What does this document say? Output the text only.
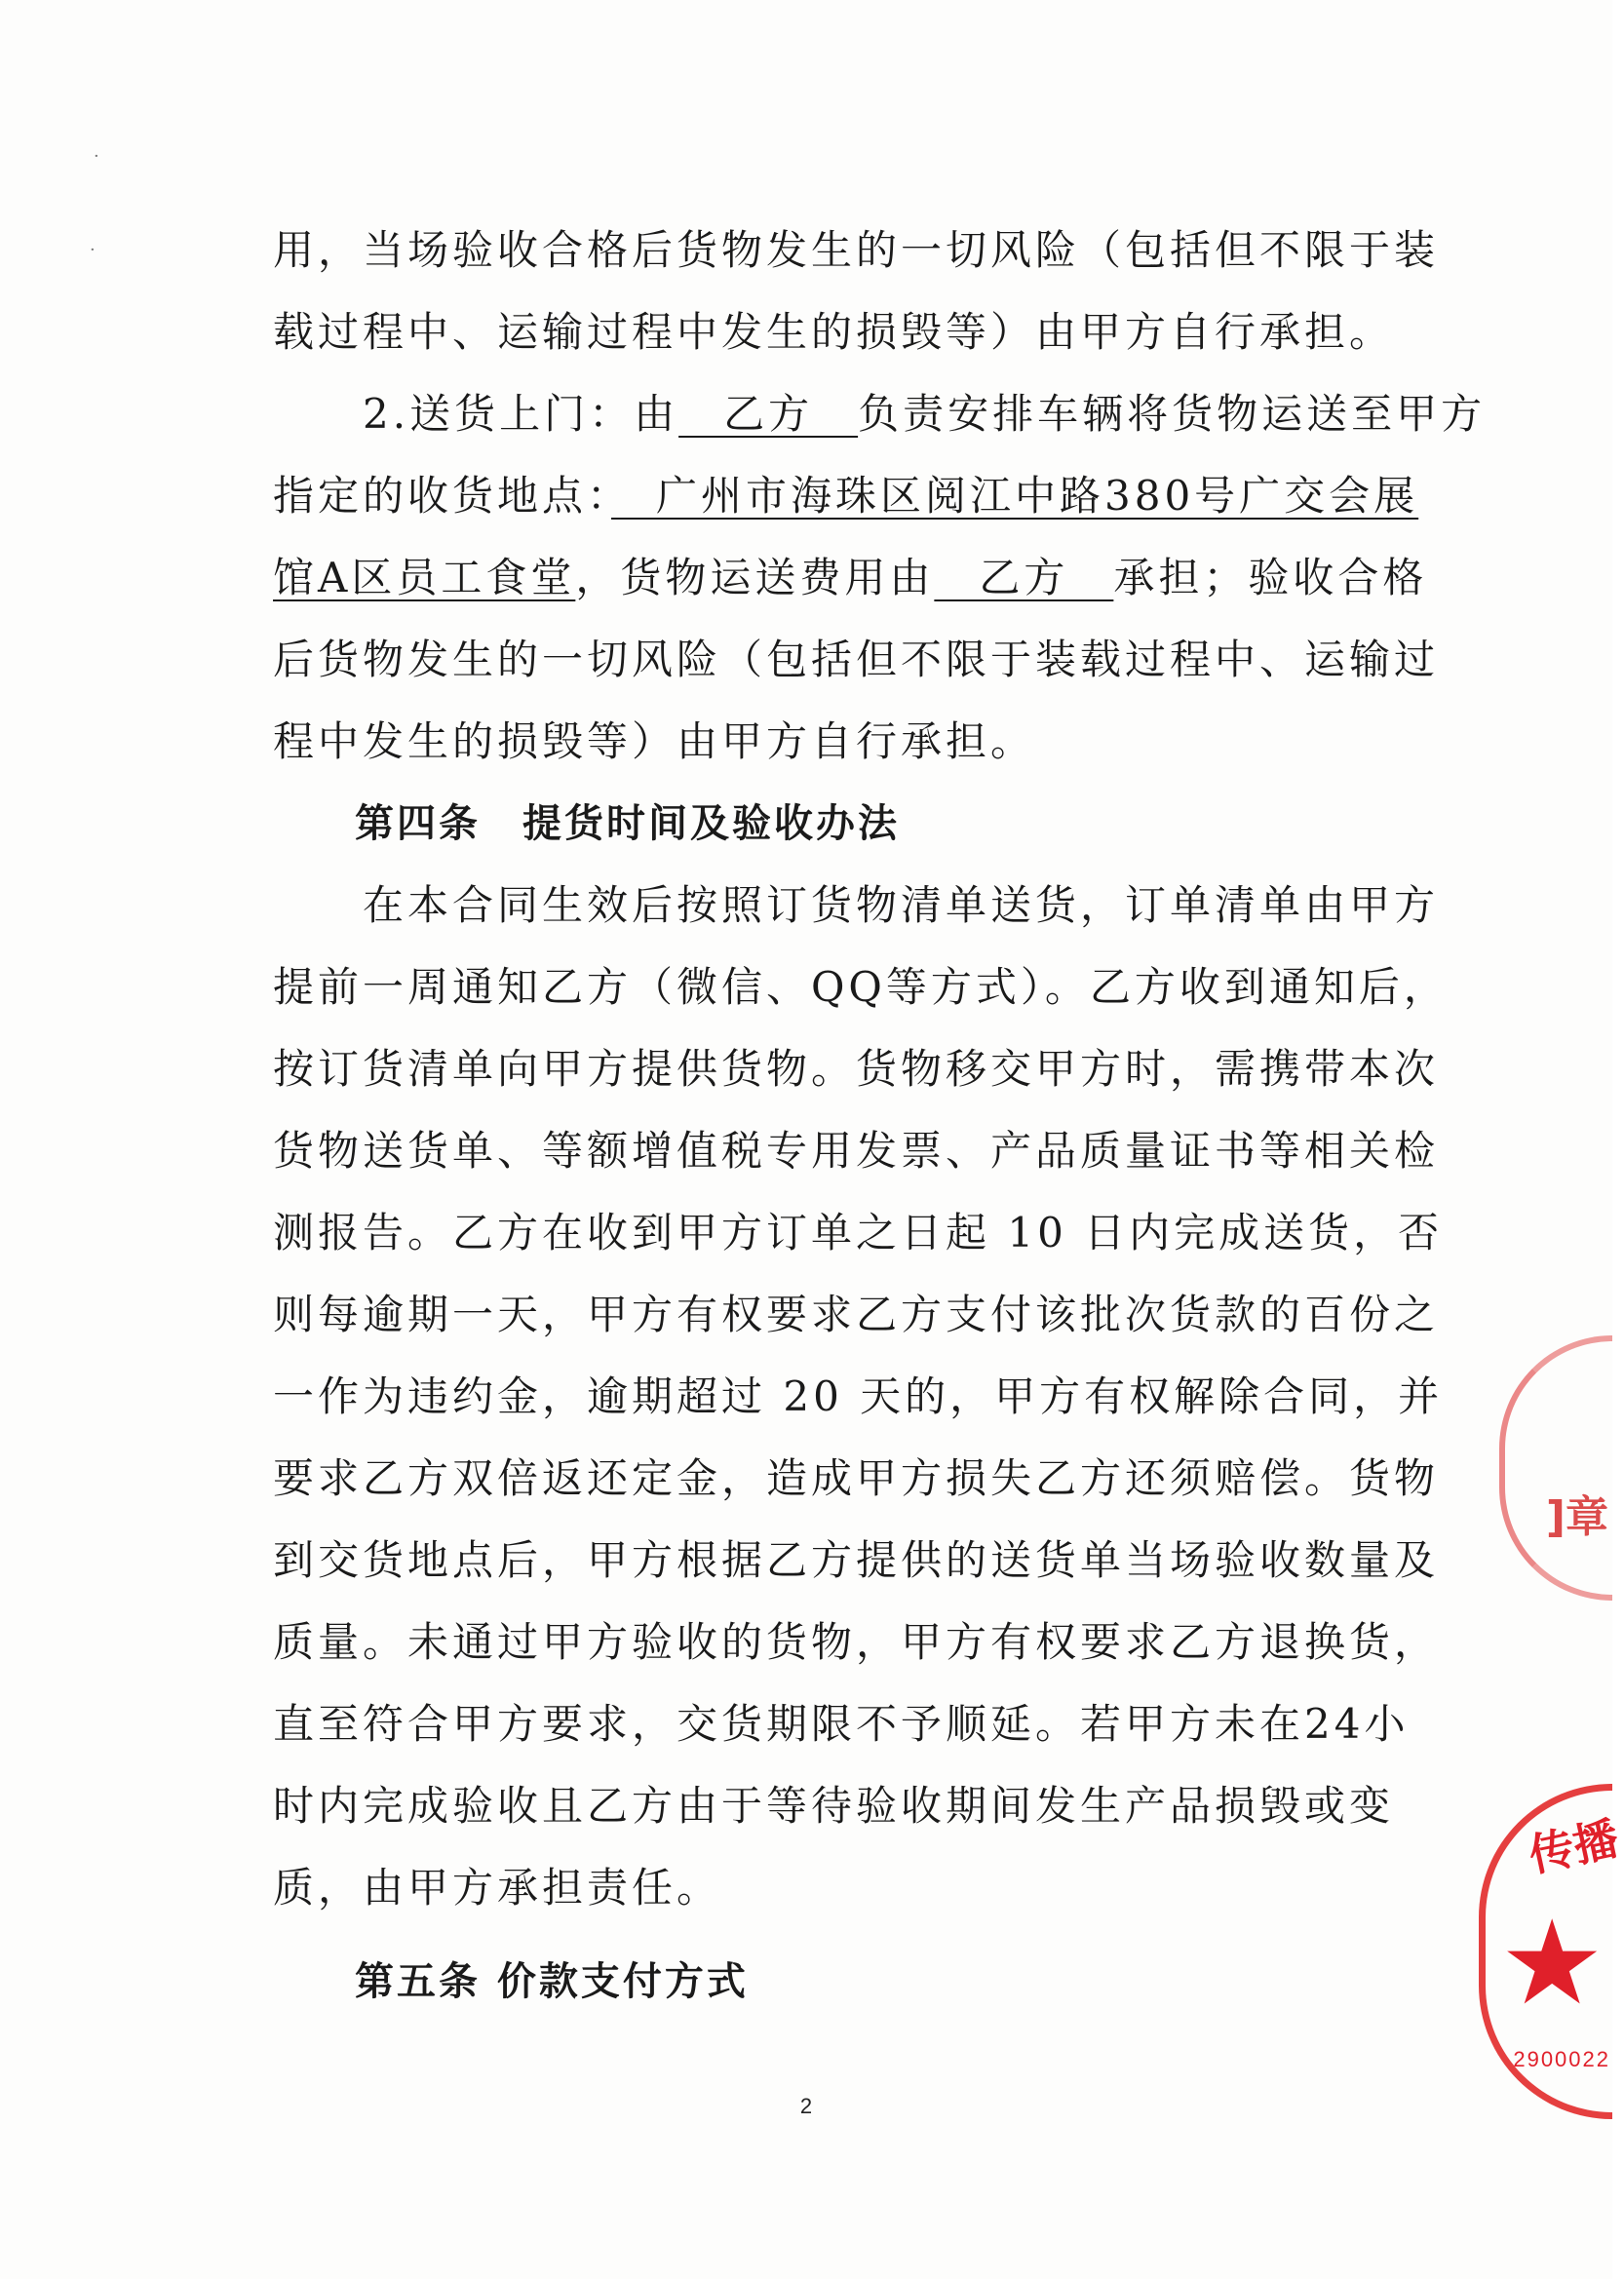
·
·	用，当场验收合格后货物发生的一切风险（包括但不限于装
载过程中、运输过程中发生的损毁等）由甲方自行承担。
2.送货上门：由　乙方　负责安排车辆将货物运送至甲方
指定的收货地点：　广州市海珠区阅江中路380号广交会展
馆A区员工食堂，货物运送费用由　乙方　承担；验收合格
后货物发生的一切风险（包括但不限于装载过程中、运输过
程中发生的损毁等）由甲方自行承担。
第四条　提货时间及验收办法
在本合同生效后按照订货物清单送货，订单清单由甲方
提前一周通知乙方（微信、QQ等方式）。乙方收到通知后，
按订货清单向甲方提供货物。货物移交甲方时，需携带本次
货物送货单、等额增值税专用发票、产品质量证书等相关检
测报告。乙方在收到甲方订单之日起 10 日内完成送货，否
则每逾期一天，甲方有权要求乙方支付该批次货款的百份之
一作为违约金，逾期超过 20 天的，甲方有权解除合同，并
要求乙方双倍返还定金，造成甲方损失乙方还须赔偿。货物
到交货地点后，甲方根据乙方提供的送货单当场验收数量及
质量。未通过甲方验收的货物，甲方有权要求乙方退换货，
直至符合甲方要求，交货期限不予顺延。若甲方未在24小
时内完成验收且乙方由于等待验收期间发生产品损毁或变
质，由甲方承担责任。
第五条 价款支付方式
2
]章
传播
★
2900022
